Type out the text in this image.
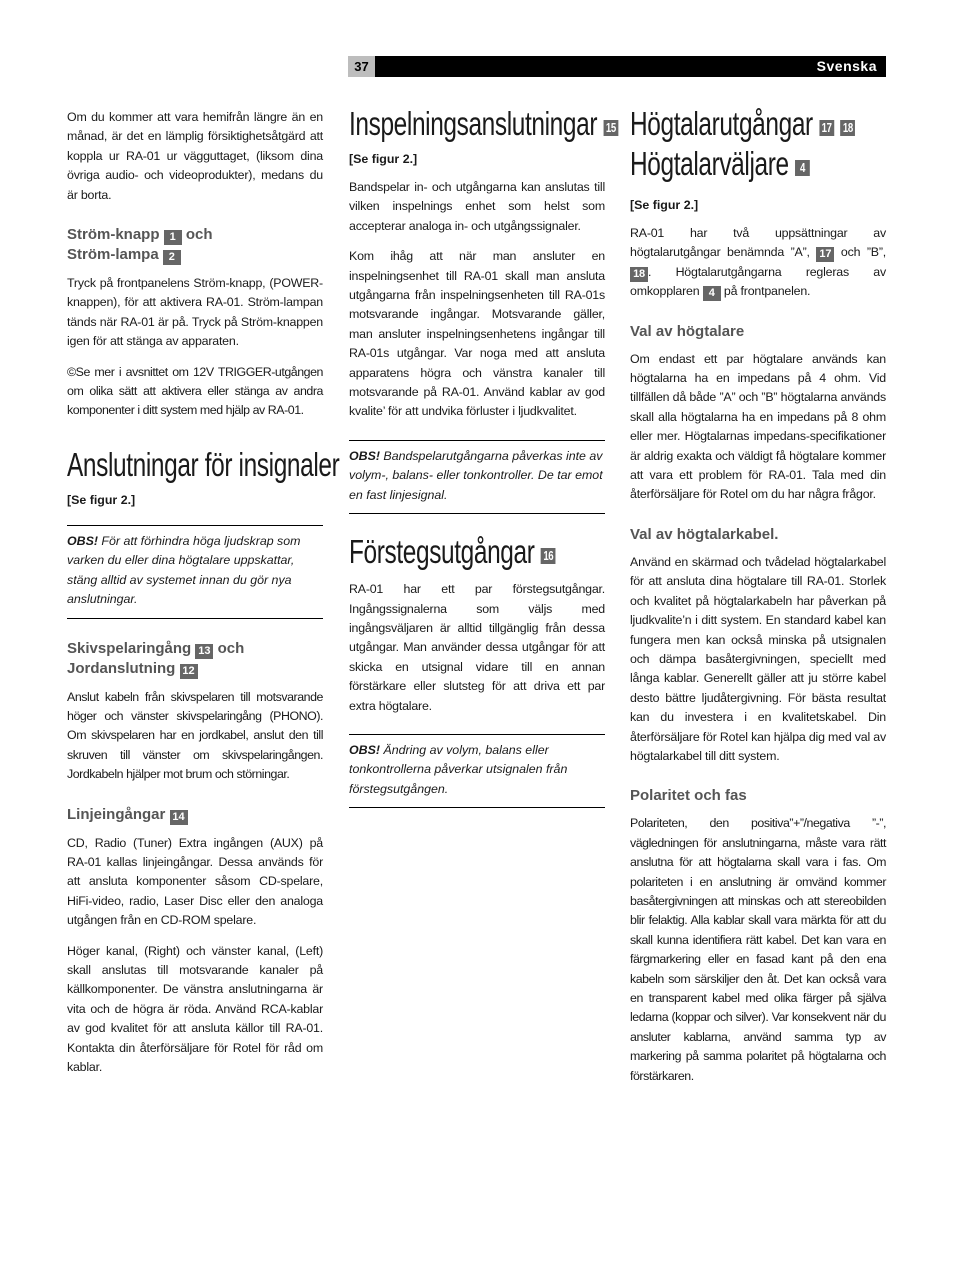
37	Svenska

Om du kommer att vara hemifrån längre än en månad, är det en lämplig försiktighetsåtgärd att koppla ur RA-01 ur vägguttaget, (liksom dina övriga audio- och videoprodukter), medans du är borta.

Ström-knapp 1 och
Ström-lampa 2

Tryck på frontpanelens Ström-knapp, (POWER-knappen), för att aktivera RA-01. Ström-lampan tänds när RA-01 är på. Tryck på Ström-knappen igen för att stänga av apparaten.

©Se mer i avsnittet om 12V TRIGGER-utgången om olika sätt att aktivera eller stänga av andra komponenter i ditt system med hjälp av RA-01.

Anslutningar för insignaler
[Se figur 2.]
OBS! För att förhindra höga ljudskrap som varken du eller dina högtalare uppskattar, stäng alltid av systemet innan du gör nya anslutningar.
Skivspelaringång 13 och
Jordanslutning 12

Anslut kabeln från skivspelaren till motsvarande höger och vänster skivspelaringång (PHONO). Om skivspelaren har en jordkabel, anslut den till skruven till vänster om skivspelaringången. Jordkabeln hjälper mot brum och störningar.

Linjeingångar 14

CD, Radio (Tuner) Extra ingången (AUX) på RA-01 kallas linjeingångar. Dessa används för att ansluta komponenter såsom CD-spelare, HiFi-video, radio, Laser Disc eller den analoga utgången från en CD-ROM spelare.

Höger kanal, (Right) och vänster kanal, (Left) skall anslutas till motsvarande kanaler på källkomponenter. De vänstra anslutningarna är vita och de högra är röda. Använd RCA-kablar av god kvalitet för att ansluta källor till RA-01. Kontakta din återförsäljare för Rotel för råd om kablar.

Inspelningsanslutningar 15
[Se figur 2.]

Bandspelar in- och utgångarna kan anslutas till vilken inspelnings enhet som helst som accepterar analoga in- och utgångssignaler.

Kom ihåg att när man ansluter en inspelningsenhet till RA-01 skall man ansluta utgångarna från inspelningsenheten till RA-01s motsvarande ingångar. Motsvarande gäller, man ansluter inspelningsenhetens ingångar till RA-01s utgångar. Var noga med att ansluta apparatens högra och vänstra kanaler till motsvarande på RA-01. Använd kablar av god kvalite’ för att undvika förluster i ljudkvalitet.

OBS! Bandspelarutgångarna påverkas inte av volym-, balans- eller tonkontroller. De tar emot en fast linjesignal.
Förstegsutgångar 16

RA-01 har ett par förstegsutgångar. Ingångssignalerna som väljs med ingångsväljaren är alltid tillgänglig från dessa utgångar. Man använder dessa utgångar för att skicka en utsignal vidare till en annan förstärkare eller slutsteg för att driva ett par extra högtalare.

OBS! Ändring av volym, balans eller tonkontrollerna påverkar utsignalen från förstegsutgången.
Högtalarutgångar 17 18
Högtalarväljare 4
[Se figur 2.]

RA-01 har två uppsättningar av högtalarutgångar benämnda ”A”, 17 och ”B”, 18 . Högtalarutgångarna regleras av omkopplaren 4 på frontpanelen.

Val av högtalare

Om endast ett par högtalare används kan högtalarna ha en impedans på 4 ohm. Vid tillfällen då både ”A” och ”B” högtalarna används skall alla högtalarna ha en impedans på 8 ohm eller mer. Högtalarnas impedans-specifikationer är aldrig exakta och väldigt få högtalare kommer att vara ett problem för RA-01. Tala med din återförsäljare för Rotel om du har några frågor.

Val av högtalarkabel.

Använd en skärmad och tvådelad högtalarkabel för att ansluta dina högtalare till RA-01. Storlek och kvalitet på högtalarkabeln har påverkan på ljudkvalite’n i ditt system. En standard kabel kan fungera men kan också minska på utsignalen och dämpa basåtergivningen, speciellt med långa kablar. Generellt gäller att ju större kabel desto bättre ljudåtergivning. För bästa resultat kan du investera i en kvalitetskabel. Din återförsäljare för Rotel kan hjälpa dig med val av högtalarkabel till ditt system.

Polaritet och fas

Polariteten, den positiva”+”/negativa ”-”, vägledningen för anslutningarna, måste vara rätt anslutna för att högtalarna skall vara i fas. Om polariteten i en anslutning är omvänd kommer basåtergivningen att minskas och att stereobilden blir felaktig. Alla kablar skall vara märkta för att du skall kunna identifiera rätt kabel. Det kan vara en färgmarkering eller en fasad kant på den ena kabeln som särskiljer den åt. Det kan också vara en transparent kabel med olika färger på själva ledarna (koppar och silver). Var konsekvent när du ansluter kablarna, använd samma typ av markering på samma polaritet på högtalarna och förstärkaren.
